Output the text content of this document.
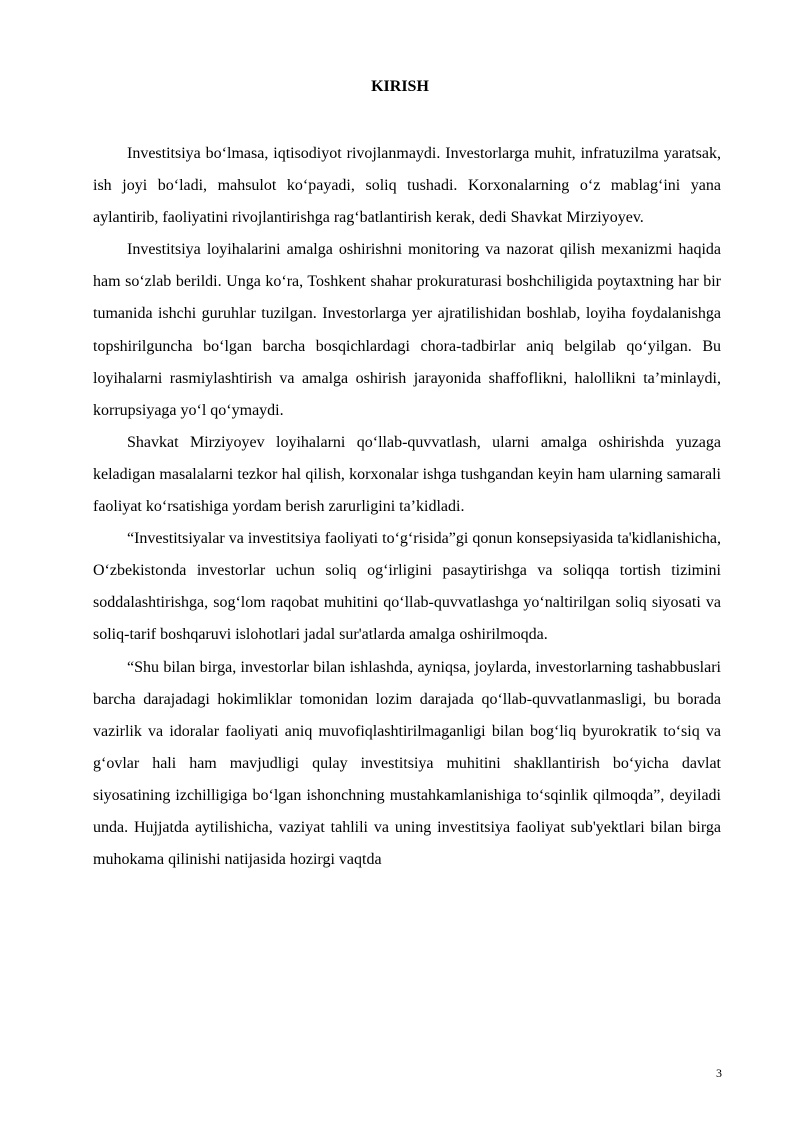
KIRISH

Investitsiya bo‘lmasa, iqtisodiyot rivojlanmaydi. Investorlarga muhit, infratuzilma yaratsak, ish joyi bo‘ladi, mahsulot ko‘payadi, soliq tushadi. Korxonalarning o‘z mablag‘ini yana aylantirib, faoliyatini rivojlantirishga rag‘batlantirish kerak, dedi Shavkat Mirziyoyev.

Investitsiya loyihalarini amalga oshirishni monitoring va nazorat qilish mexanizmi haqida ham so‘zlab berildi. Unga ko‘ra, Toshkent shahar prokuraturasi boshchiligida poytaxtning har bir tumanida ishchi guruhlar tuzilgan. Investorlarga yer ajratilishidan boshlab, loyiha foydalanishga topshirilguncha bo‘lgan barcha bosqichlardagi chora-tadbirlar aniq belgilab qo‘yilgan. Bu loyihalarni rasmiylashtirish va amalga oshirish jarayonida shaffoflikni, halollikni ta’minlaydi, korrupsiyaga yo‘l qo‘ymaydi.

Shavkat Mirziyoyev loyihalarni qo‘llab-quvvatlash, ularni amalga oshirishda yuzaga keladigan masalalarni tezkor hal qilish, korxonalar ishga tushgandan keyin ham ularning samarali faoliyat ko‘rsatishiga yordam berish zarurligini ta’kidladi.

“Investitsiyalar va investitsiya faoliyati to‘g‘risida”gi qonun konsepsiyasida ta'kidlanishicha, O‘zbekistonda investorlar uchun soliq og‘irligini pasaytirishga va soliqqa tortish tizimini soddalashtirishga, sog‘lom raqobat muhitini qo‘llab-quvvatlashga yo‘naltirilgan soliq siyosati va soliq-tarif boshqaruvi islohotlari jadal sur'atlarda amalga oshirilmoqda.

“Shu bilan birga, investorlar bilan ishlashda, ayniqsa, joylarda, investorlarning tashabbuslari barcha darajadagi hokimliklar tomonidan lozim darajada qo‘llab-quvvatlanmasligi, bu borada vazirlik va idoralar faoliyati aniq muvofiqlashtirilmaganligi bilan bog‘liq byurokratik to‘siq va g‘ovlar hali ham mavjudligi qulay investitsiya muhitini shakllantirish bo‘yicha davlat siyosatining izchilligiga bo‘lgan ishonchning mustahkamlanishiga to‘sqinlik qilmoqda”, deyiladi unda. Hujjatda aytilishicha, vaziyat tahlili va uning investitsiya faoliyat sub'yektlari bilan birga muhokama qilinishi natijasida hozirgi vaqtda

3
